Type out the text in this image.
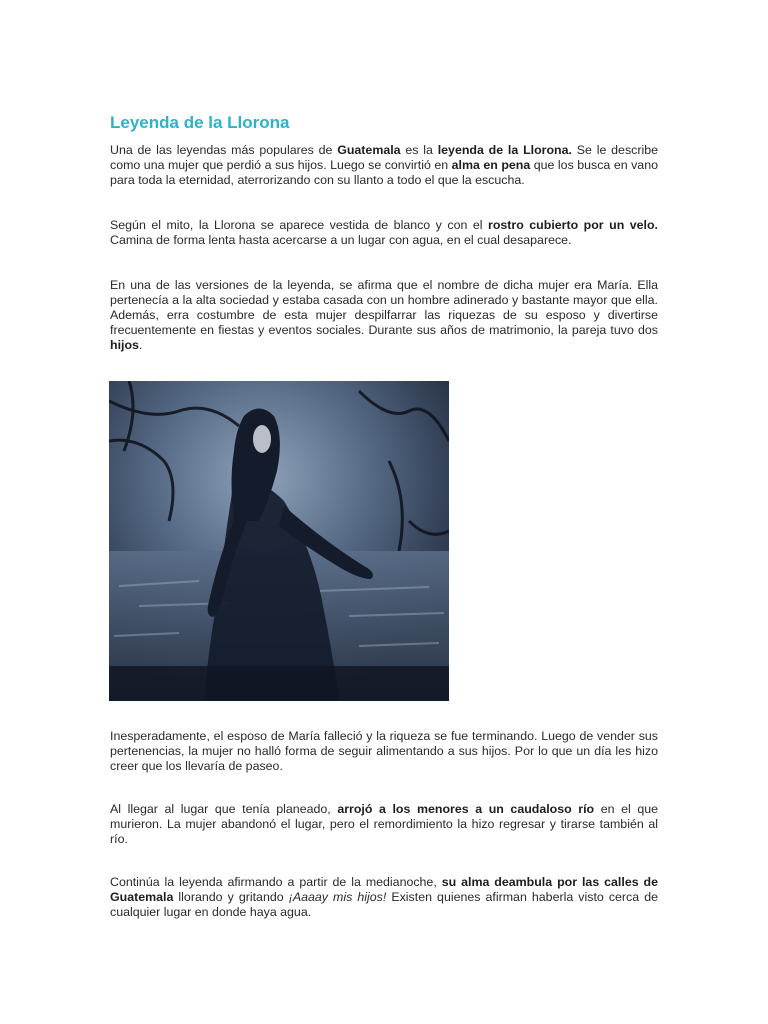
Leyenda de la Llorona

Una de las leyendas más populares de Guatemala es la leyenda de la Llorona. Se le describe como una mujer que perdió a sus hijos. Luego se convirtió en alma en pena que los busca en vano para toda la eternidad, aterrorizando con su llanto a todo el que la escucha.

Según el mito, la Llorona se aparece vestida de blanco y con el rostro cubierto por un velo. Camina de forma lenta hasta acercarse a un lugar con agua, en el cual desaparece.

En una de las versiones de la leyenda, se afirma que el nombre de dicha mujer era María. Ella pertenecía a la alta sociedad y estaba casada con un hombre adinerado y bastante mayor que ella. Además, erra costumbre de esta mujer despilfarrar las riquezas de su esposo y divertirse frecuentemente en fiestas y eventos sociales. Durante sus años de matrimonio, la pareja tuvo dos hijos.

Inesperadamente, el esposo de María falleció y la riqueza se fue terminando. Luego de vender sus pertenencias, la mujer no halló forma de seguir alimentando a sus hijos. Por lo que un día les hizo creer que los llevaría de paseo.

Al llegar al lugar que tenía planeado, arrojó a los menores a un caudaloso río en el que murieron. La mujer abandonó el lugar, pero el remordimiento la hizo regresar y tirarse también al río.

Continúa la leyenda afirmando a partir de la medianoche, su alma deambula por las calles de Guatemala llorando y gritando ¡Aaaay mis hijos! Existen quienes afirman haberla visto cerca de cualquier lugar en donde haya agua.
